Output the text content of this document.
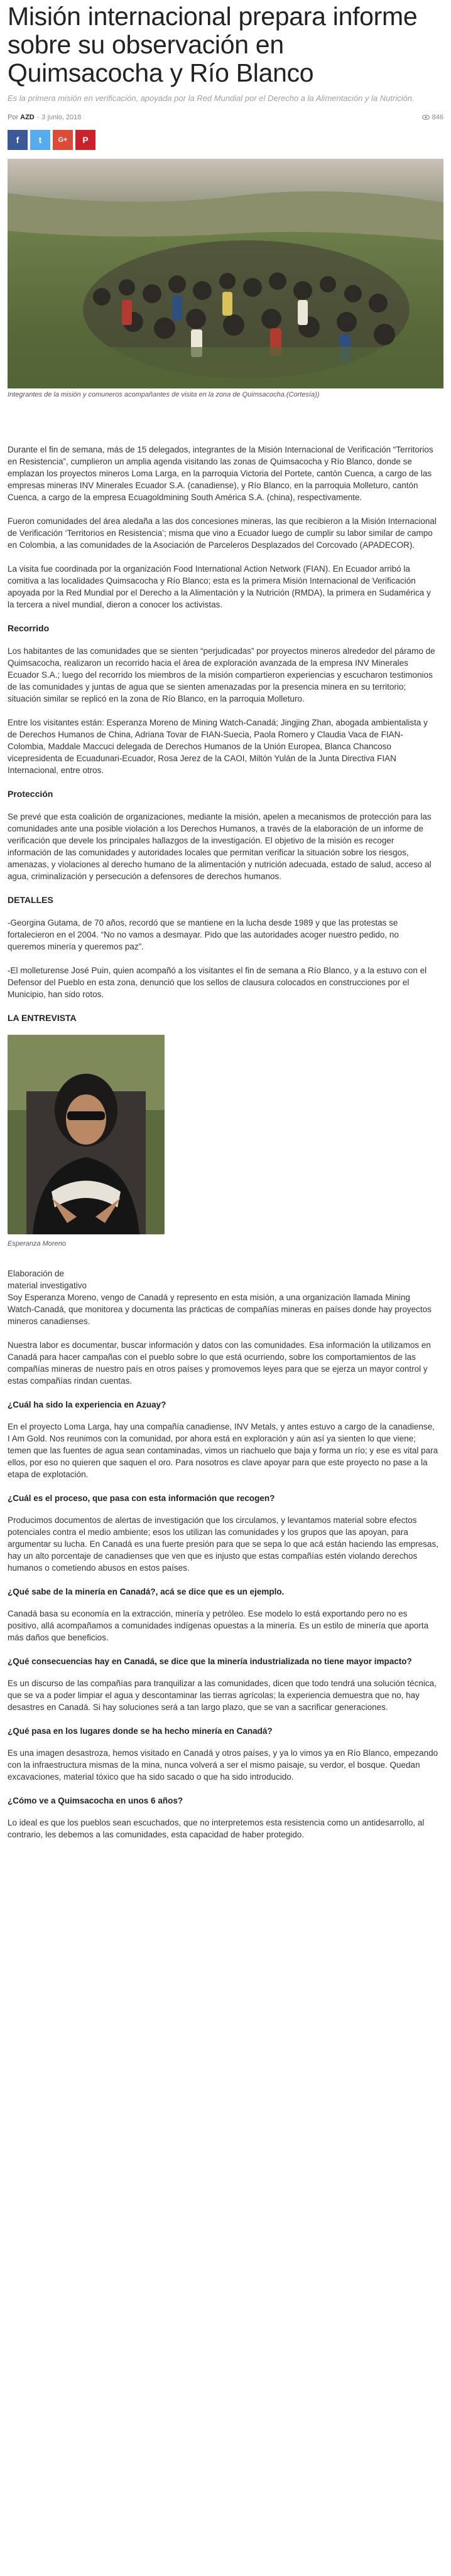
Misión internacional prepara informe sobre su observación en Quimsacocha y Río Blanco
Es la primera misión en verificación, apoyada por la Red Mundial por el Derecho a la Alimentación y la Nutrición.
Por AZD - 3 junio, 2018	846
f t G+ P
Integrantes de la misión y comuneros acompañantes de visita en la zona de Quimsacocha.(Cortesía))

Durante el fin de semana, más de 15 delegados, integrantes de la Misión Internacional de Verificación “Territorios en Resistencia”, cumplieron un amplia agenda visitando las zonas de Quimsacocha y Río Blanco, donde se emplazan los proyectos mineros Loma Larga, en la parroquia Victoria del Portete, cantón Cuenca, a cargo de las empresas mineras INV Minerales Ecuador S.A. (canadiense), y Río Blanco, en la parroquia Molleturo, cantón Cuenca, a cargo de la empresa Ecuagoldmining South América S.A. (china), respectivamente.

Fueron comunidades del área aledaña a las dos concesiones mineras, las que recibieron a la Misión Internacional de Verificación ‘Territorios en Resistencia’; misma que vino a Ecuador luego de cumplir su labor similar de campo en Colombia, a las comunidades de la Asociación de Parceleros Desplazados del Corcovado (APADECOR).

La visita fue coordinada por la organización Food International Action Network (FIAN). En Ecuador arribó la comitiva a las localidades Quimsacocha y Río Blanco; esta es la primera Misión Internacional de Verificación apoyada por la Red Mundial por el Derecho a la Alimentación y la Nutrición (RMDA), la primera en Sudamérica y la tercera a nivel mundial, dieron a conocer los activistas.

Recorrido

Los habitantes de las comunidades que se sienten “perjudicadas” por proyectos mineros alrededor del páramo de Quimsacocha, realizaron un recorrido hacia el área de exploración avanzada de la empresa INV Minerales Ecuador S.A.; luego del recorrido los miembros de la misión compartieron experiencias y escucharon testimonios de las comunidades y juntas de agua que se sienten amenazadas por la presencia minera en su territorio; situación similar se replicó en la zona de Río Blanco, en la parroquia Molleturo.

Entre los visitantes están: Esperanza Moreno de Mining Watch-Canadá; Jingjing Zhan, abogada ambientalista y de Derechos Humanos de China, Adriana Tovar de FIAN-Suecia, Paola Romero y Claudia Vaca de FIAN-Colombia, Maddale Maccuci delegada de Derechos Humanos de la Unión Europea, Blanca Chancoso vicepresidenta de Ecuadunari-Ecuador, Rosa Jerez de la CAOI, Miltón Yulán de la Junta Directiva FIAN Internacional, entre otros.

Protección

Se prevé que esta coalición de organizaciones, mediante la misión, apelen a mecanismos de protección para las comunidades ante una posible violación a los Derechos Humanos, a través de la elaboración de un informe de verificación que devele los principales hallazgos de la investigación. El objetivo de la misión es recoger información de las comunidades y autoridades locales que permitan verificar la situación sobre los riesgos, amenazas, y violaciones al derecho humano de la alimentación y nutrición adecuada, estado de salud, acceso al agua, criminalización y persecución a defensores de derechos humanos.

DETALLES

-Georgina Gutama, de 70 años, recordó que se mantiene en la lucha desde 1989 y que las protestas se fortalecieron en el 2004. “No no vamos a desmayar. Pido que las autoridades acoger nuestro pedido, no queremos minería y queremos paz”.

-El molleturense José Puin, quien acompañó a los visitantes el fin de semana a Río Blanco, y a la estuvo con el Defensor del Pueblo en esta zona, denunció que los sellos de clausura colocados en construcciones por el Municipio, han sido rotos.

LA ENTREVISTA
Esperanza Moreno

Elaboración de
material investigativo
Soy Esperanza Moreno, vengo de Canadá y represento en esta misión, a una organización llamada Mining Watch-Canadá, que monitorea y documenta las prácticas de compañías mineras en países donde hay proyectos mineros canadienses.

Nuestra labor es documentar, buscar información y datos con las comunidades. Esa información la utilizamos en Canadá para hacer campañas con el pueblo sobre lo que está ocurriendo, sobre los comportamientos de las compañías mineras de nuestro país en otros países y promovemos leyes para que se ejerza un mayor control y estas compañías rindan cuentas.

¿Cuál ha sido la experiencia en Azuay?

En el proyecto Loma Larga, hay una compañía canadiense, INV Metals, y antes estuvo a cargo de la canadiense, I Am Gold. Nos reunimos con la comunidad, por ahora está en exploración y aún así ya sienten lo que viene; temen que las fuentes de agua sean contaminadas, vimos un riachuelo que baja y forma un río; y ese es vital para ellos, por eso no quieren que saquen el oro. Para nosotros es clave apoyar para que este proyecto no pase a la etapa de explotación.

¿Cuál es el proceso, que pasa con esta información que recogen?

Producimos documentos de alertas de investigación que los circulamos, y levantamos material sobre efectos potenciales contra el medio ambiente; esos los utilizan las comunidades y los grupos que las apoyan, para argumentar su lucha. En Canadá es una fuerte presión para que se sepa lo que acá están haciendo las empresas, hay un alto porcentaje de canadienses que ven que es injusto que estas compañías estén violando derechos humanos o cometiendo abusos en estos países.

¿Qué sabe de la minería en Canadá?, acá se dice que es un ejemplo.

Canadá basa su economía en la extracción, minería y petróleo. Ese modelo lo está exportando pero no es positivo, allá acompañamos a comunidades indígenas opuestas a la minería. Es un estilo de minería que aporta más daños que beneficios.

¿Qué consecuencias hay en Canadá, se dice que la minería industrializada no tiene mayor impacto?

Es un discurso de las compañías para tranquilizar a las comunidades, dicen que todo tendrá una solución técnica, que se va a poder limpiar el agua y descontaminar las tierras agrícolas; la experiencia demuestra que no, hay desastres en Canadá. Si hay soluciones será a tan largo plazo, que se van a sacrificar generaciones.

¿Qué pasa en los lugares donde se ha hecho minería en Canadá?

Es una imagen desastroza, hemos visitado en Canadá y otros países, y ya lo vimos ya en Río Blanco, empezando con la infraestructura mismas de la mina, nunca volverá a ser el mismo paisaje, su verdor, el bosque. Quedan excavaciones, material tóxico que ha sido sacado o que ha sido introducido.

¿Cómo ve a Quimsacocha en unos 6 años?

Lo ideal es que los pueblos sean escuchados, que no interpretemos esta resistencia como un antidesarrollo, al contrario, les debemos a las comunidades, esta capacidad de haber protegido.
